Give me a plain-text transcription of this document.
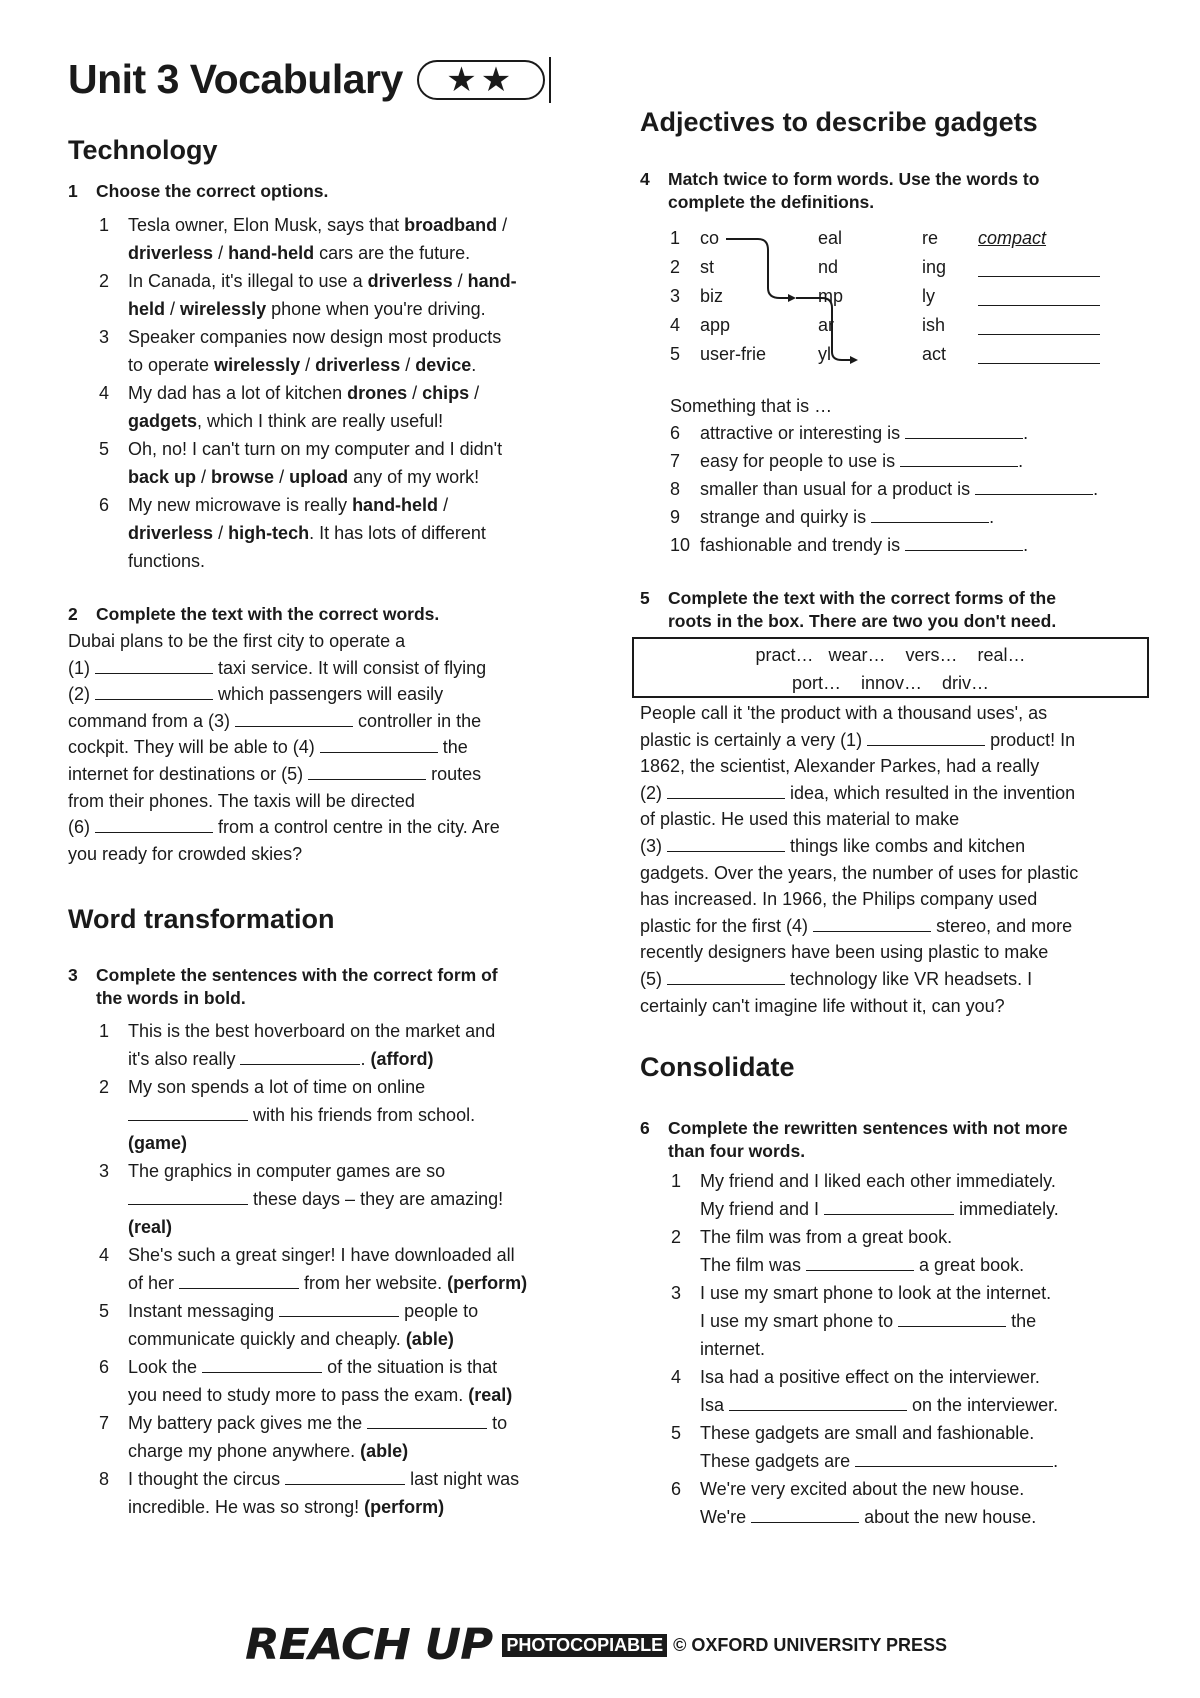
Unit 3 Vocabulary	★★
Technology
1 Choose the correct options.
1 Tesla owner, Elon Musk, says that broadband /
driverless / hand-held cars are the future.
2 In Canada, it's illegal to use a driverless / hand-
held / wirelessly phone when you're driving.
3 Speaker companies now design most products
to operate wirelessly / driverless / device.
4 My dad has a lot of kitchen drones / chips /
gadgets, which I think are really useful!
5 Oh, no! I can't turn on my computer and I didn't
back up / browse / upload any of my work!
6 My new microwave is really hand-held /
driverless / high-tech. It has lots of different
functions.
2 Complete the text with the correct words.
Dubai plans to be the first city to operate a
(1)	taxi service. It will consist of flying
(2)	which passengers will easily
command from a (3)	controller in the
cockpit. They will be able to (4)	the
internet for destinations or (5)	routes
from their phones. The taxis will be directed
(6)	from a control centre in the city. Are
you ready for crowded skies?
Word transformation
3 Complete the sentences with the correct form of
the words in bold.
1 This is the best hoverboard on the market and
it's also really	. (afford)
2 My son spends a lot of time on online
with his friends from school.
(game)
3 The graphics in computer games are so
these days – they are amazing!
(real)
4 She's such a great singer! I have downloaded all
of her	from her website. (perform)
5 Instant messaging	people to
communicate quickly and cheaply. (able)
6 Look the	of the situation is that
you need to study more to pass the exam. (real)
7 My battery pack gives me the	to
charge my phone anywhere. (able)
8 I thought the circus	last night was
incredible. He was so strong! (perform)
Adjectives to describe gadgets
4 Match twice to form words. Use the words to
complete the definitions.
1 co	eal	re compact
2 st	nd	ing
3 biz	mp	ly
4 app	ar	ish
5 user-frie	yl	act
Something that is …
6 attractive or interesting is	.
7 easy for people to use is	.
8 smaller than usual for a product is	.
9 strange and quirky is	.
10 fashionable and trendy is	.
5 Complete the text with the correct forms of the
roots in the box. There are two you don't need.
pract…   wear…    vers…    real…
port…    innov…    driv…
People call it 'the product with a thousand uses', as
plastic is certainly a very (1)	product! In
1862, the scientist, Alexander Parkes, had a really
(2)	idea, which resulted in the invention
of plastic. He used this material to make
(3)	things like combs and kitchen
gadgets. Over the years, the number of uses for plastic
has increased. In 1966, the Philips company used
plastic for the first (4)	stereo, and more
recently designers have been using plastic to make
(5)	technology like VR headsets. I
certainly can't imagine life without it, can you?
Consolidate
6 Complete the rewritten sentences with not more
than four words.
1 My friend and I liked each other immediately.
My friend and I	immediately.
2 The film was from a great book.
The film was	a great book.
3 I use my smart phone to look at the internet.
I use my smart phone to	the
internet.
4 Isa had a positive effect on the interviewer.
Isa	on the interviewer.
5 These gadgets are small and fashionable.
These gadgets are	.
6 We're very excited about the new house.
We're	about the new house.
REACH UP PHOTOCOPIABLE © OXFORD UNIVERSITY PRESS
